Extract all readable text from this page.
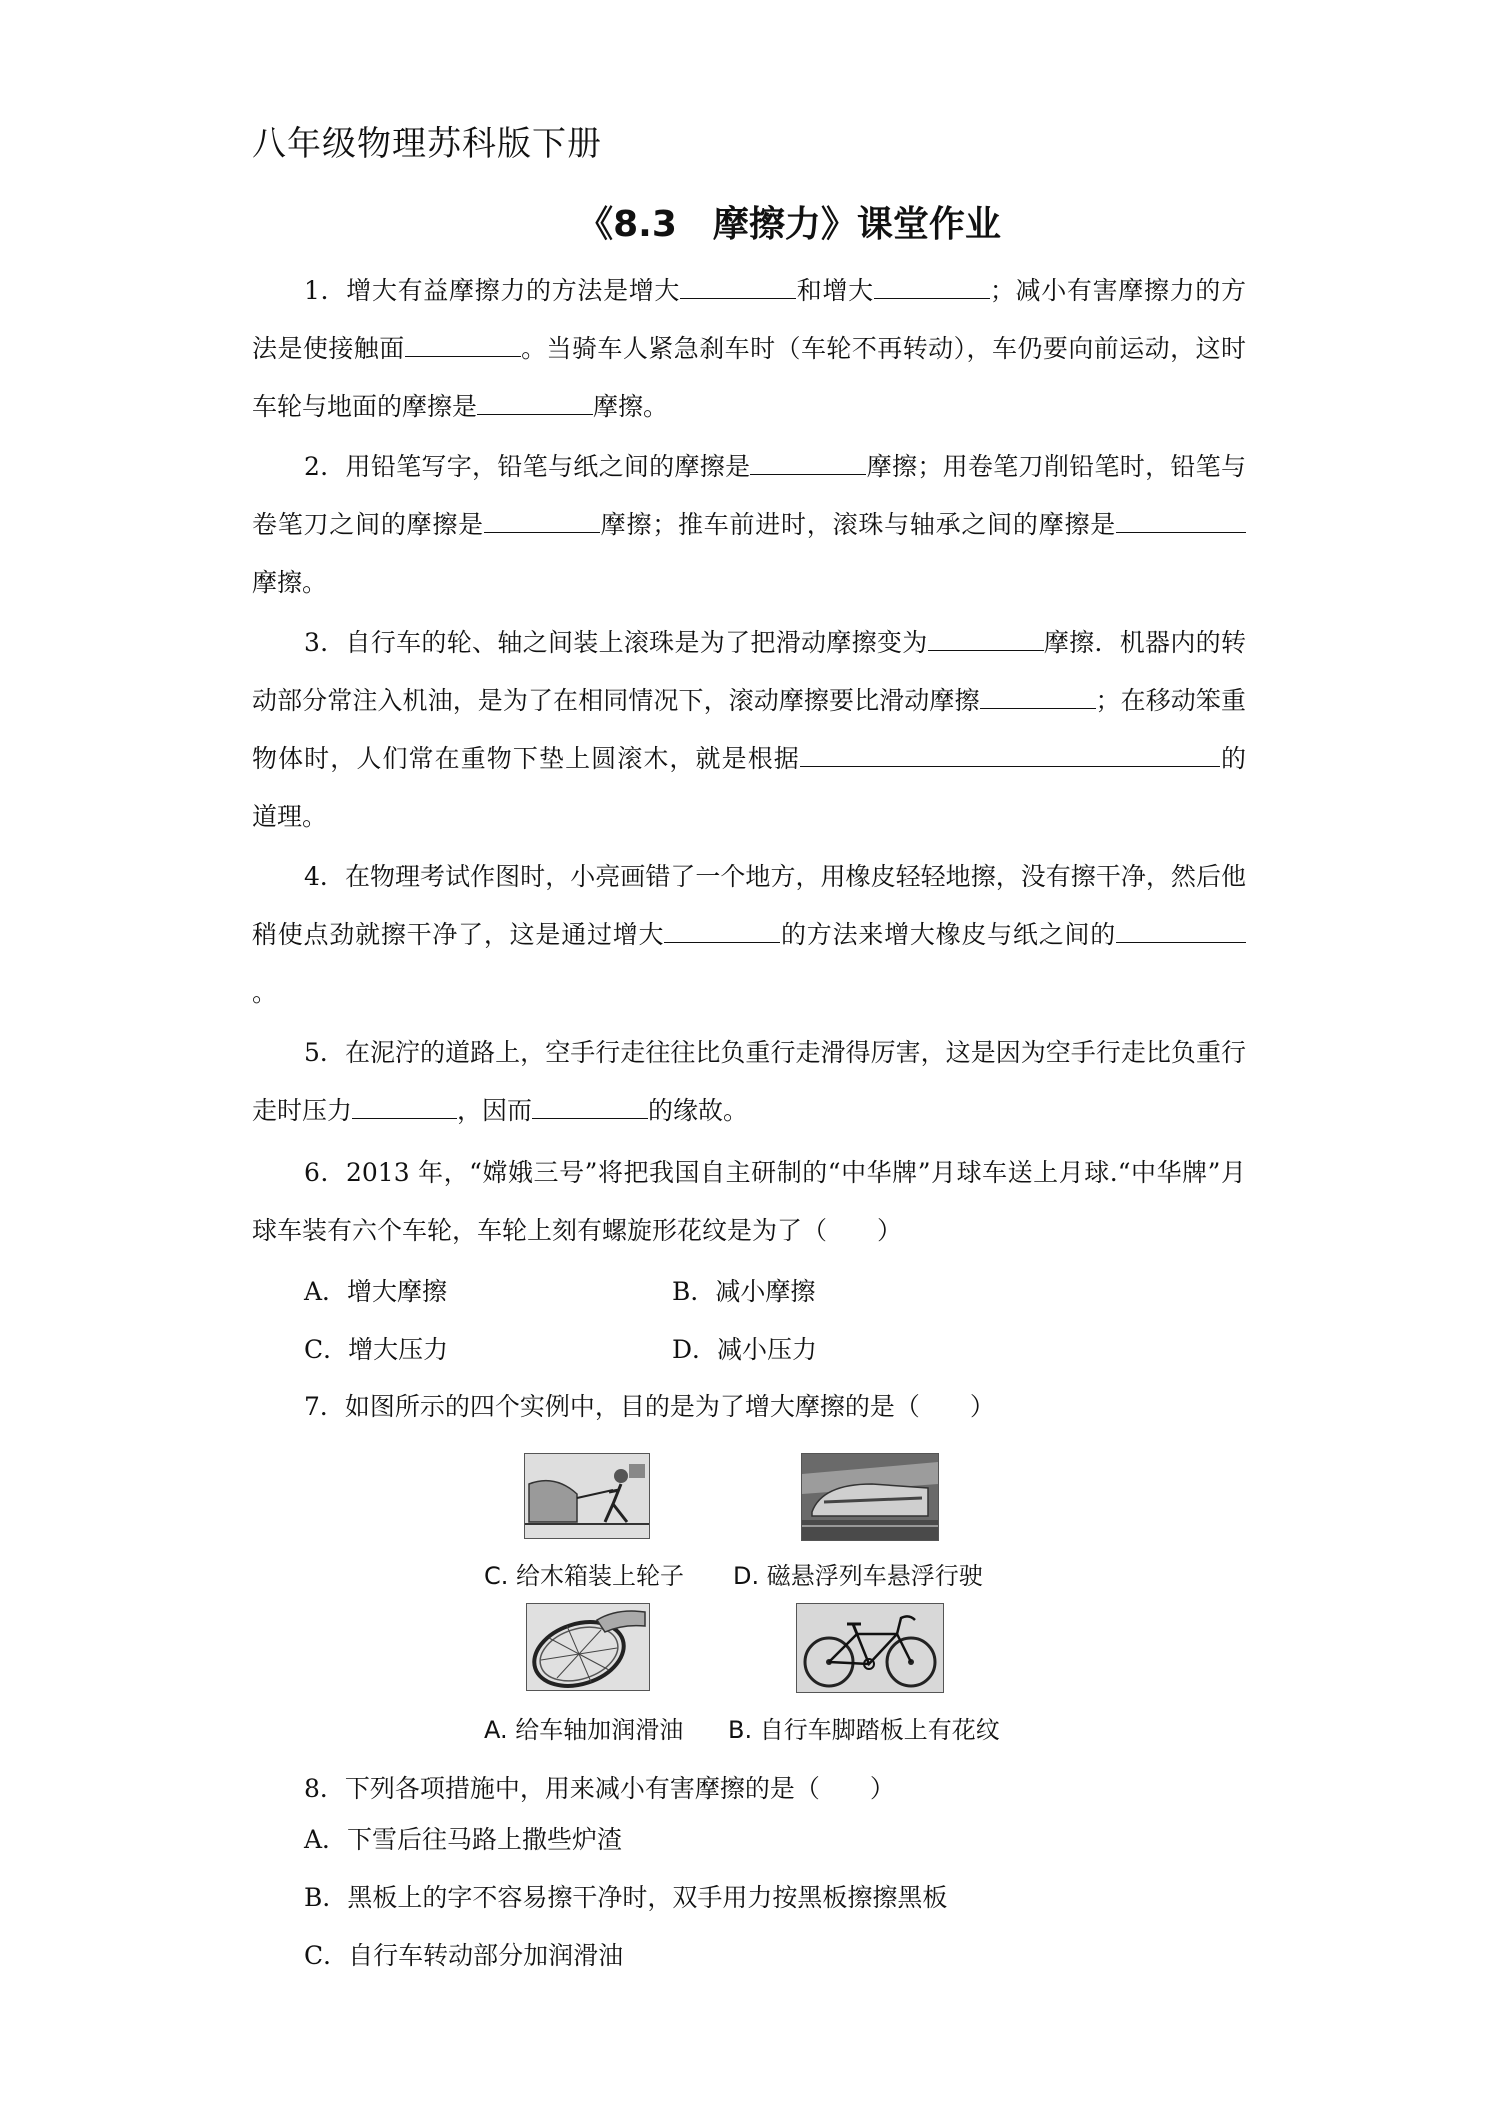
八年级物理苏科版下册
《8.3　摩擦力》课堂作业
1．增大有益摩擦力的方法是增大	和增大	；减小有害摩擦力的方法是使接触面	。当骑车人紧急刹车时（车轮不再转动），车仍要向前运动，这时车轮与地面的摩擦是	摩擦。
2．用铅笔写字，铅笔与纸之间的摩擦是	摩擦；用卷笔刀削铅笔时，铅笔与卷笔刀之间的摩擦是	摩擦；推车前进时，滚珠与轴承之间的摩擦是摩擦。
3．自行车的轮、轴之间装上滚珠是为了把滑动摩擦变为	摩擦．机器内的转动部分常注入机油，是为了在相同情况下，滚动摩擦要比滑动摩擦	；在移动笨重物体时，人们常在重物下垫上圆滚木，就是根据	的道理。
4．在物理考试作图时，小亮画错了一个地方，用橡皮轻轻地擦，没有擦干净，然后他稍使点劲就擦干净了，这是通过增大	的方法来增大橡皮与纸之间的。
5．在泥泞的道路上，空手行走往往比负重行走滑得厉害，这是因为空手行走比负重行走时压力	，因而	的缘故。
6．2013 年，“嫦娥三号”将把我国自主研制的“中华牌”月球车送上月球.“中华牌”月球车装有六个车轮，车轮上刻有螺旋形花纹是为了（　　）
A．增大摩擦	B．减小摩擦
C．增大压力	D．减小压力
7．如图所示的四个实例中，目的是为了增大摩擦的是（　　）
C. 给木箱装上轮子 D. 磁悬浮列车悬浮行驶
A. 给车轴加润滑油 B. 自行车脚踏板上有花纹
8．下列各项措施中，用来减小有害摩擦的是（　　）
A．下雪后往马路上撒些炉渣
B．黑板上的字不容易擦干净时，双手用力按黑板擦擦黑板
C．自行车转动部分加润滑油
